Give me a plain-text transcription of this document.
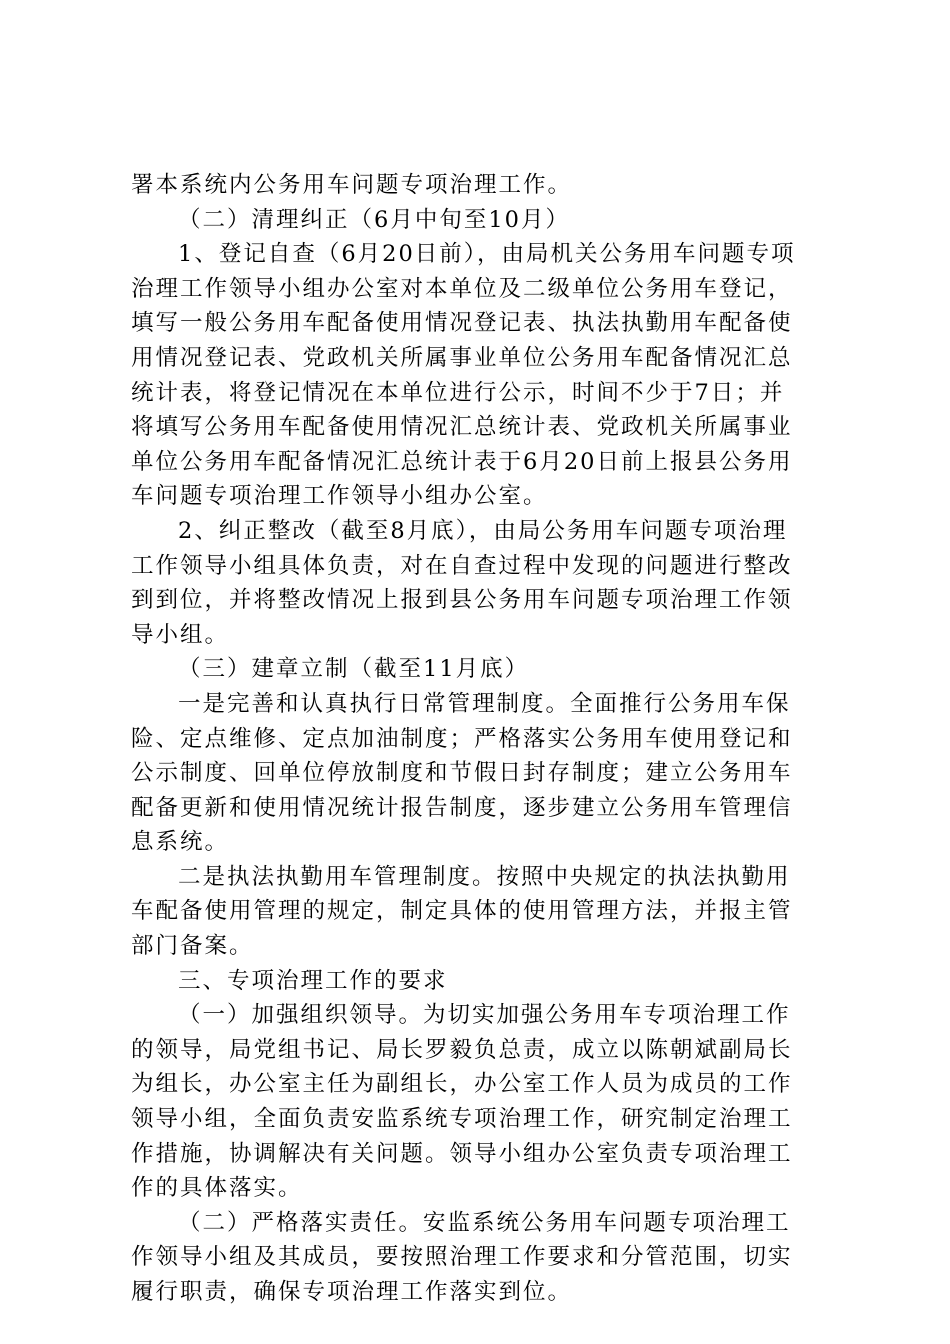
署本系统内公务用车问题专项治理工作。
（二）清理纠正（6月中旬至10月）
1、登记自查（6月20日前），由局机关公务用车问题专项
治理工作领导小组办公室对本单位及二级单位公务用车登记，
填写一般公务用车配备使用情况登记表、执法执勤用车配备使
用情况登记表、党政机关所属事业单位公务用车配备情况汇总
统计表，将登记情况在本单位进行公示，时间不少于7日；并
将填写公务用车配备使用情况汇总统计表、党政机关所属事业
单位公务用车配备情况汇总统计表于6月20日前上报县公务用
车问题专项治理工作领导小组办公室。
2、纠正整改（截至8月底），由局公务用车问题专项治理
工作领导小组具体负责，对在自查过程中发现的问题进行整改
到到位，并将整改情况上报到县公务用车问题专项治理工作领
导小组。
（三）建章立制（截至11月底）
一是完善和认真执行日常管理制度。全面推行公务用车保
险、定点维修、定点加油制度；严格落实公务用车使用登记和
公示制度、回单位停放制度和节假日封存制度；建立公务用车
配备更新和使用情况统计报告制度，逐步建立公务用车管理信
息系统。
二是执法执勤用车管理制度。按照中央规定的执法执勤用
车配备使用管理的规定，制定具体的使用管理方法，并报主管
部门备案。
三、专项治理工作的要求
（一）加强组织领导。为切实加强公务用车专项治理工作
的领导，局党组书记、局长罗毅负总责，成立以陈朝斌副局长
为组长，办公室主任为副组长，办公室工作人员为成员的工作
领导小组，全面负责安监系统专项治理工作，研究制定治理工
作措施，协调解决有关问题。领导小组办公室负责专项治理工
作的具体落实。
（二）严格落实责任。安监系统公务用车问题专项治理工
作领导小组及其成员，要按照治理工作要求和分管范围，切实
履行职责，确保专项治理工作落实到位。
